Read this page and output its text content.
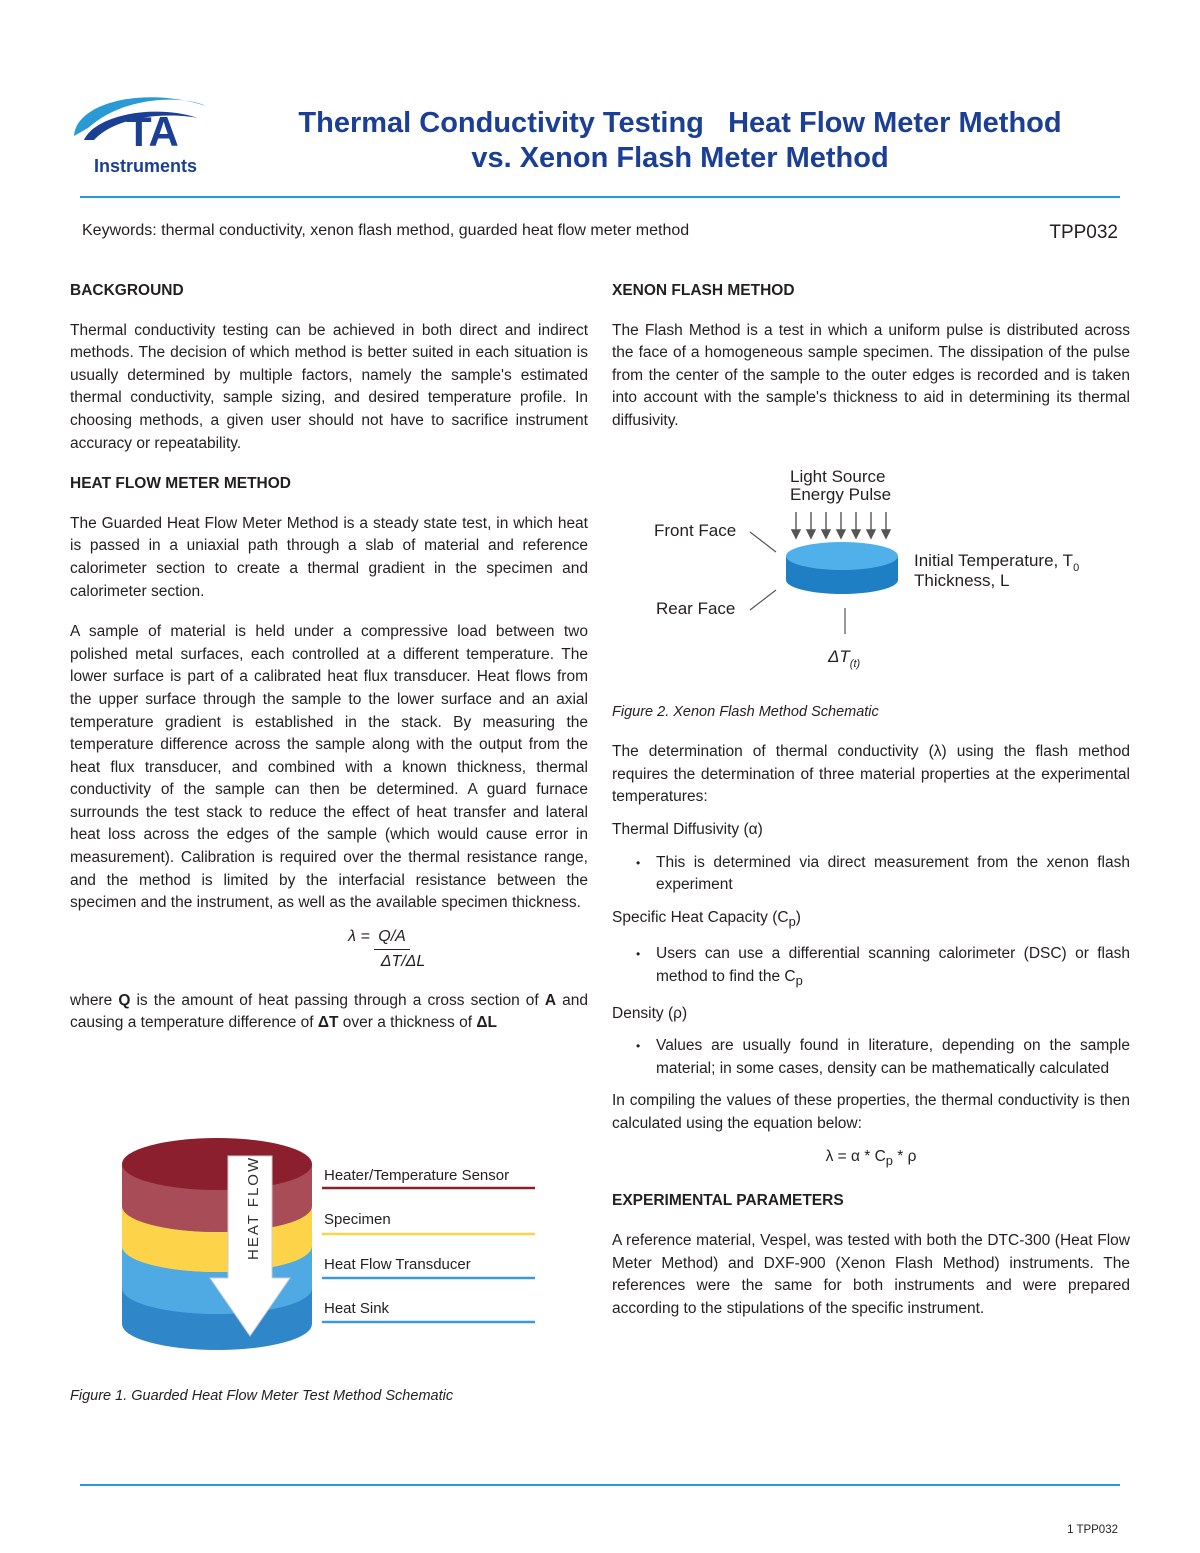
TA
Instruments
Thermal Conductivity Testing   Heat Flow Meter Method
vs. Xenon Flash Meter Method
Keywords: thermal conductivity, xenon flash method, guarded heat flow meter method	TPP032
BACKGROUND

Thermal conductivity testing can be achieved in both direct and indirect methods. The decision of which method is better suited in each situation is usually determined by multiple factors, namely the sample's estimated thermal conductivity, sample sizing, and desired temperature profile. In choosing methods, a given user should not have to sacrifice instrument accuracy or repeatability.

HEAT FLOW METER METHOD

The Guarded Heat Flow Meter Method is a steady state test, in which heat is passed in a uniaxial path through a slab of material and reference calorimeter section to create a thermal gradient in the specimen and calorimeter section.

A sample of material is held under a compressive load between two polished metal surfaces, each controlled at a different temperature. The lower surface is part of a calibrated heat flux transducer. Heat flows from the upper surface through the sample to the lower surface and an axial temperature gradient is established in the stack. By measuring the temperature difference across the sample along with the output from the heat flux transducer, and combined with a known thickness, thermal conductivity of the sample can then be determined. A guard furnace surrounds the test stack to reduce the effect of heat transfer and lateral heat loss across the edges of the sample (which would cause error in measurement). Calibration is required over the thermal resistance range, and the method is limited by the interfacial resistance between the specimen and the instrument, as well as the available specimen thickness.

λ = Q/A
ΔT/ΔL

where Q is the amount of heat passing through a cross section of A and causing a temperature difference of ΔT over a thickness of ΔL

HEAT FLOW	Heater/Temperature Sensor
Specimen
Heat Flow Transducer
Heat Sink
Figure 1. Guarded Heat Flow Meter Test Method Schematic
XENON FLASH METHOD

The Flash Method is a test in which a uniform pulse is distributed across the face of a homogeneous sample specimen. The dissipation of the pulse from the center of the sample to the outer edges is recorded and is taken into account with the sample's thickness to aid in determining its thermal diffusivity.

Figure 2. Xenon Flash Method Schematic

The determination of thermal conductivity (λ) using the flash method requires the determination of three material properties at the experimental temperatures:

Thermal Diffusivity (α)

• This is determined via direct measurement from the xenon flash experiment

Specific Heat Capacity $(C_p)$

• Users can use a differential scanning calorimeter (DSC) or flash method to find the $C_p$

Density (ρ)

• Values are usually found in literature, depending on the sample material; in some cases, density can be mathematically calculated

In compiling the values of these properties, the thermal conductivity is then calculated using the equation below:

$\lambda = \alpha * C_p * \rho$

EXPERIMENTAL PARAMETERS

A reference material, Vespel, was tested with both the DTC-300 (Heat Flow Meter Method) and DXF-900 (Xenon Flash Method) instruments. The references were the same for both instruments and were prepared according to the stipulations of the specific instrument.

Light Source
Energy Pulse
Front Face
Rear Face
Initial Temperature, $T_0$
Thickness, L
$\Delta T_{(t)}$
1 TPP032
